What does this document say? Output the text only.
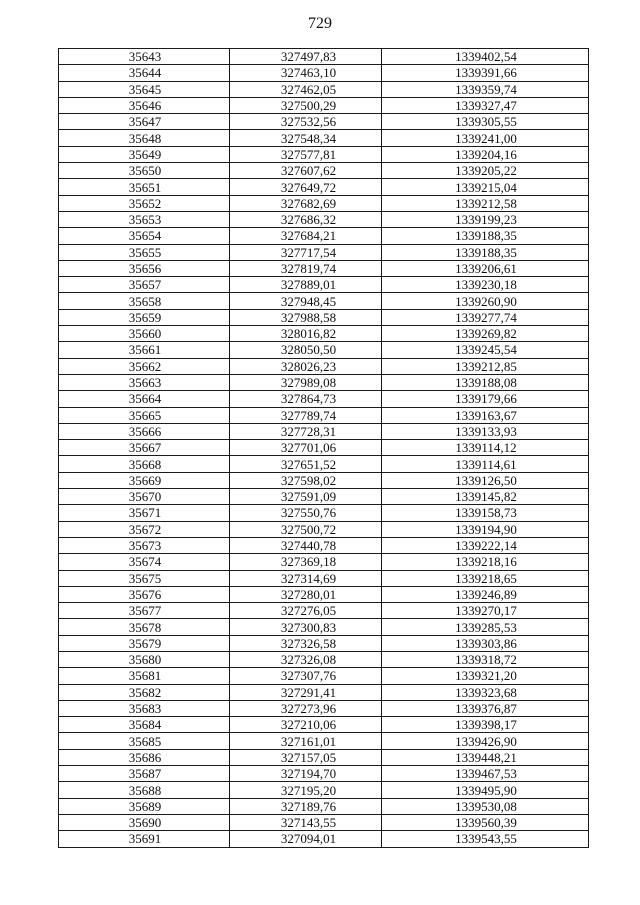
729
35643	327497,83	1339402,54
35644	327463,10	1339391,66
35645	327462,05	1339359,74
35646	327500,29	1339327,47
35647	327532,56	1339305,55
35648	327548,34	1339241,00
35649	327577,81	1339204,16
35650	327607,62	1339205,22
35651	327649,72	1339215,04
35652	327682,69	1339212,58
35653	327686,32	1339199,23
35654	327684,21	1339188,35
35655	327717,54	1339188,35
35656	327819,74	1339206,61
35657	327889,01	1339230,18
35658	327948,45	1339260,90
35659	327988,58	1339277,74
35660	328016,82	1339269,82
35661	328050,50	1339245,54
35662	328026,23	1339212,85
35663	327989,08	1339188,08
35664	327864,73	1339179,66
35665	327789,74	1339163,67
35666	327728,31	1339133,93
35667	327701,06	1339114,12
35668	327651,52	1339114,61
35669	327598,02	1339126,50
35670	327591,09	1339145,82
35671	327550,76	1339158,73
35672	327500,72	1339194,90
35673	327440,78	1339222,14
35674	327369,18	1339218,16
35675	327314,69	1339218,65
35676	327280,01	1339246,89
35677	327276,05	1339270,17
35678	327300,83	1339285,53
35679	327326,58	1339303,86
35680	327326,08	1339318,72
35681	327307,76	1339321,20
35682	327291,41	1339323,68
35683	327273,96	1339376,87
35684	327210,06	1339398,17
35685	327161,01	1339426,90
35686	327157,05	1339448,21
35687	327194,70	1339467,53
35688	327195,20	1339495,90
35689	327189,76	1339530,08
35690	327143,55	1339560,39
35691	327094,01	1339543,55
